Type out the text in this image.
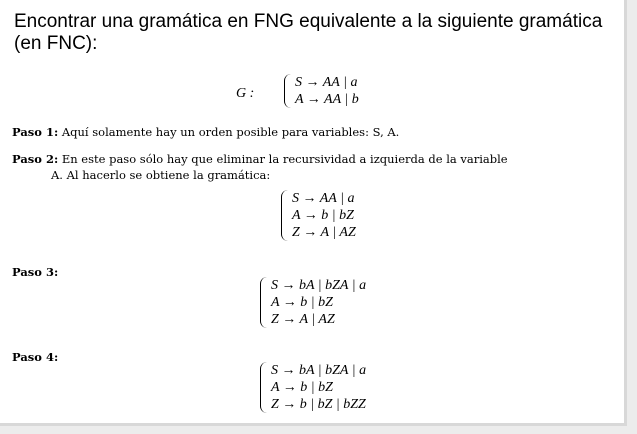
Encontrar una gramática en FNG equivalente a la siguiente gramática (en FNC):
G :
S → AA | a
A → AA | b
Paso 1: Aquí solamente hay un orden posible para variables: S, A.
Paso 2: En este paso sólo hay que eliminar la recursividad a izquierda de la variable
A. Al hacerlo se obtiene la gramática:
S → AA | a
A → b | bZ
Z → A | AZ
Paso 3:
S → bA | bZA | a
A → b | bZ
Z → A | AZ
Paso 4:
S → bA | bZA | a
A → b | bZ
Z → b | bZ | bZZ
